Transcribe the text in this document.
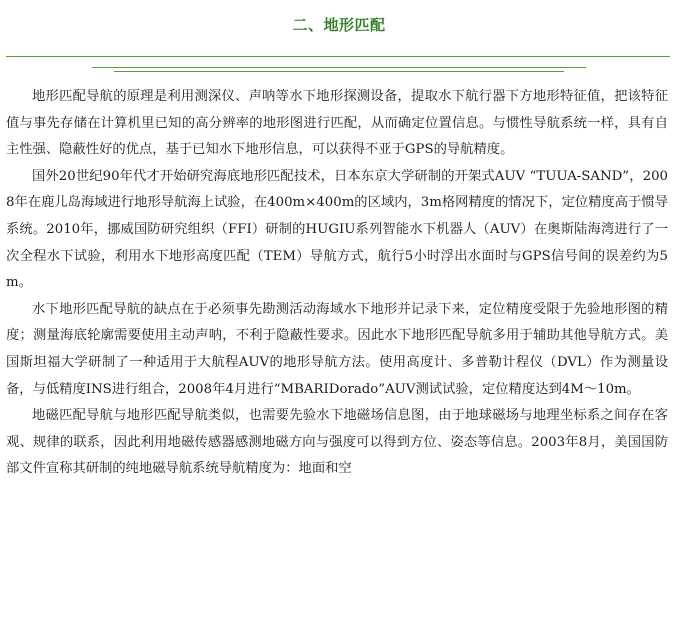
二、地形匹配

地形匹配导航的原理是利用测深仪、声呐等水下地形探测设备，提取水下航行器下方地形特征值，把该特征值与事先存储在计算机里已知的高分辨率的地形图进行匹配，从而确定位置信息。与惯性导航系统一样，具有自主性强、隐蔽性好的优点，基于已知水下地形信息，可以获得不亚于GPS的导航精度。

国外20世纪90年代才开始研究海底地形匹配技术，日本东京大学研制的开架式AUV “TUUA-SAND”，2008年在鹿儿岛海域进行地形导航海上试验，在400m×400m的区域内，3m格网精度的情况下，定位精度高于惯导系统。2010年，挪威国防研究组织（FFI）研制的HUGIU系列智能水下机器人（AUV）在奥斯陆海湾进行了一次全程水下试验，利用水下地形高度匹配（TEM）导航方式，航行5小时浮出水面时与GPS信号间的误差约为5m。

水下地形匹配导航的缺点在于必须事先勘测活动海域水下地形并记录下来，定位精度受限于先验地形图的精度；测量海底轮廓需要使用主动声呐，不利于隐蔽性要求。因此水下地形匹配导航多用于辅助其他导航方式。美国斯坦福大学研制了一种适用于大航程AUV的地形导航方法。使用高度计、多普勒计程仪（DVL）作为测量设备，与低精度INS进行组合，2008年4月进行“MBARIDorado”AUV测试试验，定位精度达到4M～10m。

地磁匹配导航与地形匹配导航类似，也需要先验水下地磁场信息图，由于地球磁场与地理坐标系之间存在客观、规律的联系，因此利用地磁传感器感测地磁方向与强度可以得到方位、姿态等信息。2003年8月，美国国防部文件宣称其研制的纯地磁导航系统导航精度为：地面和空
